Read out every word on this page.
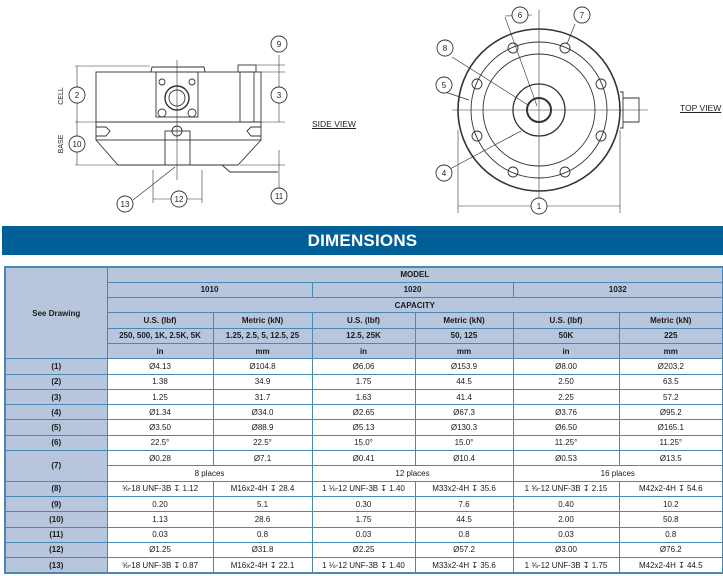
2	3
9
10
11
12
13
CELL
BASE
1
4
5
6	7
8
SIDE VIEW
TOP VIEW
DIMENSIONS
See Drawing	MODEL					
	1010		1020		1032	
	CAPACITY					
	U.S. (lbf)	Metric (kN)	U.S. (lbf)	Metric (kN)	U.S. (lbf)	Metric (kN)
	250, 500, 1K, 2.5K, 5K	1.25, 2.5, 5, 12.5, 25	12.5, 25K	50, 125	50K	225
	in	mm	in	mm	in	mm
(1)	Ø4.13	Ø104.8	Ø6.06	Ø153.9	Ø8.00	Ø203.2
(2)	1.38	34.9	1.75	44.5	2.50	63.5
(3)	1.25	31.7	1.63	41.4	2.25	57.2
(4)	Ø1.34	Ø34.0	Ø2.65	Ø67.3	Ø3.76	Ø95.2
(5)	Ø3.50	Ø88.9	Ø5.13	Ø130.3	Ø6.50	Ø165.1
(6)	22.5°	22.5°	15.0°	15.0°	11.25°	11.25°
(7)	Ø0.28	Ø7.1	Ø0.41	Ø10.4	Ø0.53	Ø13.5
	8 places		12 places		16 places	
(8)	⅝-18 UNF-3B ↧ 1.12	M16x2-4H ↧ 28.4	1 ⅛-12 UNF-3B ↧ 1.40	M33x2-4H ↧ 35.6	1 ⅝-12 UNF-3B ↧ 2.15	M42x2-4H ↧ 54.6
(9)	0.20	5.1	0.30	7.6	0.40	10.2
(10)	1.13	28.6	1.75	44.5	2.00	50.8
(11)	0.03	0.8	0.03	0.8	0.03	0.8
(12)	Ø1.25	Ø31.8	Ø2.25	Ø57.2	Ø3.00	Ø76.2
(13)	⅝-18 UNF-3B ↧ 0.87	M16x2-4H ↧ 22.1	1 ⅛-12 UNF-3B ↧ 1.40	M33x2-4H ↧ 35.6	1 ⅝-12 UNF-3B ↧ 1.75	M42x2-4H ↧ 44.5
